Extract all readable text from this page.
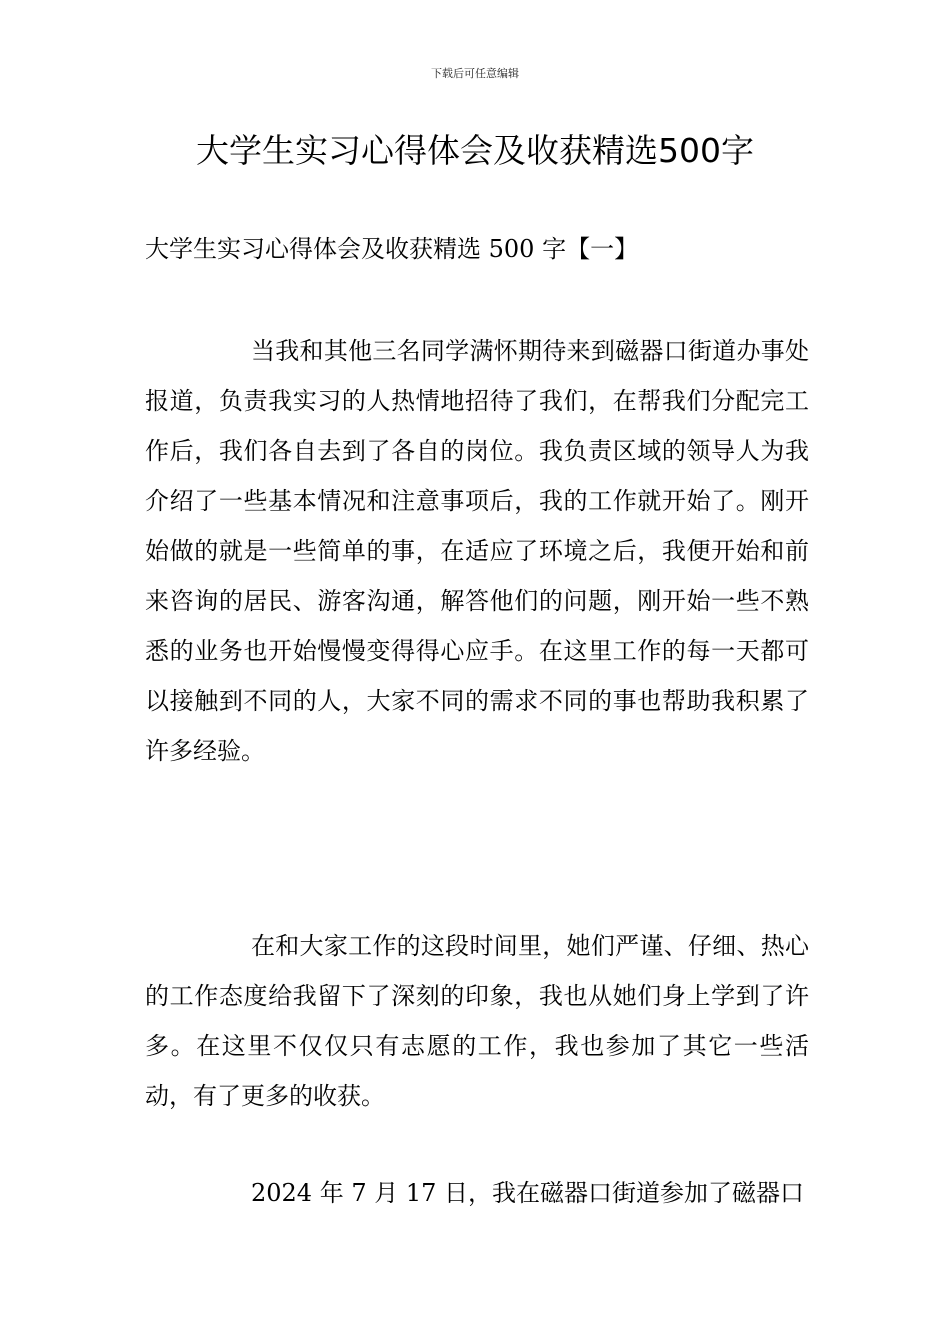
下载后可任意编辑
大学生实习心得体会及收获精选500字
大学生实习心得体会及收获精选 500 字【一】

当我和其他三名同学满怀期待来到磁器口街道办事处报道，负责我实习的人热情地招待了我们，在帮我们分配完工作后，我们各自去到了各自的岗位。我负责区域的领导人为我介绍了一些基本情况和注意事项后，我的工作就开始了。刚开始做的就是一些简单的事，在适应了环境之后，我便开始和前来咨询的居民、游客沟通，解答他们的问题，刚开始一些不熟悉的业务也开始慢慢变得得心应手。在这里工作的每一天都可以接触到不同的人，大家不同的需求不同的事也帮助我积累了许多经验。

在和大家工作的这段时间里，她们严谨、仔细、热心的工作态度给我留下了深刻的印象，我也从她们身上学到了许多。在这里不仅仅只有志愿的工作，我也参加了其它一些活动，有了更多的收获。

2024 年 7 月 17 日，我在磁器口街道参加了磁器口
